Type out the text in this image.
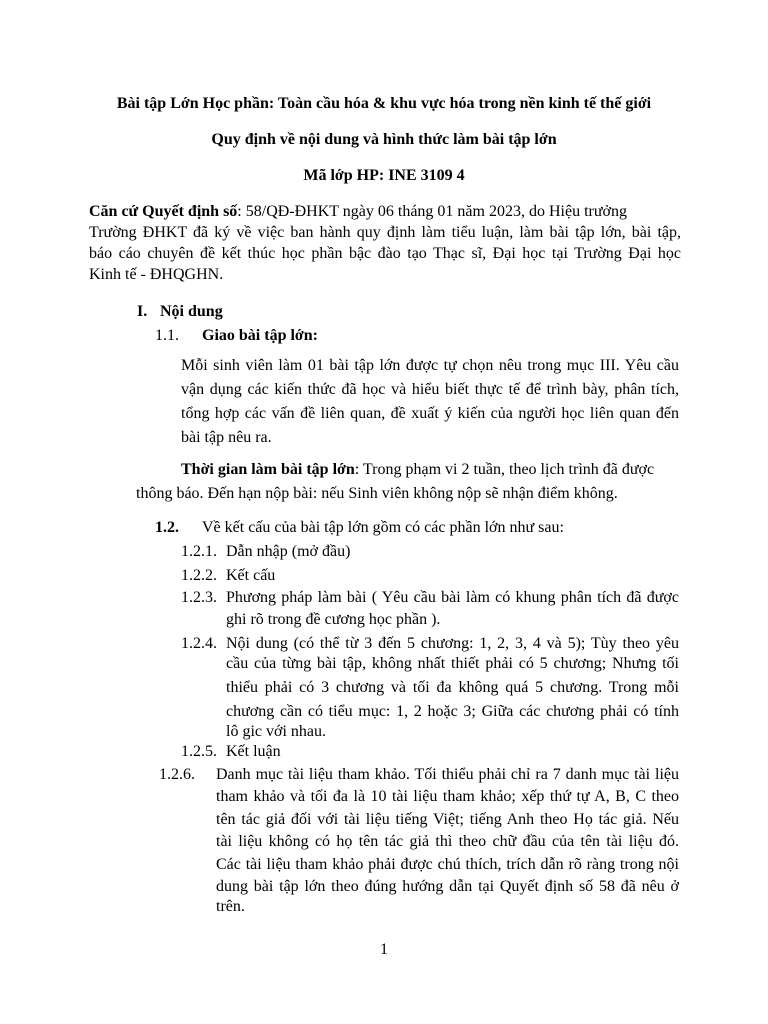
Bài tập Lớn Học phần: Toàn cầu hóa & khu vực hóa trong nền kinh tế thế giới
Quy định về nội dung và hình thức làm bài tập lớn
Mã lớp HP: INE 3109 4
Căn cứ Quyết định số: 58/QĐ-ĐHKT ngày 06 tháng 01 năm 2023, do Hiệu trưởng
Trường ĐHKT đã ký về việc ban hành quy định làm tiểu luận, làm bài tập lớn, bài tập,
báo cáo chuyên đề kết thúc học phần bậc đào tạo Thạc sĩ, Đại học tại Trường Đại học
Kinh tế - ĐHQGHN.
I. Nội dung
1.1. Giao bài tập lớn:
Mỗi sinh viên làm 01 bài tập lớn được tự chọn nêu trong mục III. Yêu cầu
vận dụng các kiến thức đã học và hiểu biết thực tế để trình bày, phân tích,
tổng hợp các vấn đề liên quan, đề xuất ý kiến của người học liên quan đến
bài tập nêu ra.
Thời gian làm bài tập lớn: Trong phạm vi 2 tuần, theo lịch trình đã được
thông báo. Đến hạn nộp bài: nếu Sinh viên không nộp sẽ nhận điểm không.
1.2. Về kết cấu của bài tập lớn gồm có các phần lớn như sau:
1.2.1. Dẫn nhập (mở đầu)
1.2.2. Kết cấu
1.2.3. Phương pháp làm bài ( Yêu cầu bài làm có khung phân tích đã được
ghi rõ trong đề cương học phần ).
1.2.4. Nội dung (có thể từ 3 đến 5 chương: 1, 2, 3, 4 và 5); Tùy theo yêu
cầu của từng bài tập, không nhất thiết phải có 5 chương; Nhưng tối
thiểu phải có 3 chương và tối đa không quá 5 chương. Trong mỗi
chương cần có tiểu mục: 1, 2 hoặc 3; Giữa các chương phải có tính
lô gic với nhau.
1.2.5. Kết luận
1.2.6. Danh mục tài liệu tham khảo. Tối thiểu phải chỉ ra 7 danh mục tài liệu
tham khảo và tối đa là 10 tài liệu tham khảo; xếp thứ tự A, B, C theo
tên tác giả đối với tài liệu tiếng Việt; tiếng Anh theo Họ tác giả. Nếu
tài liệu không có họ tên tác giả thì theo chữ đầu của tên tài liệu đó.
Các tài liệu tham khảo phải được chú thích, trích dẫn rõ ràng trong nội
dung bài tập lớn theo đúng hướng dẫn tại Quyết định số 58 đã nêu ở
trên.
1
